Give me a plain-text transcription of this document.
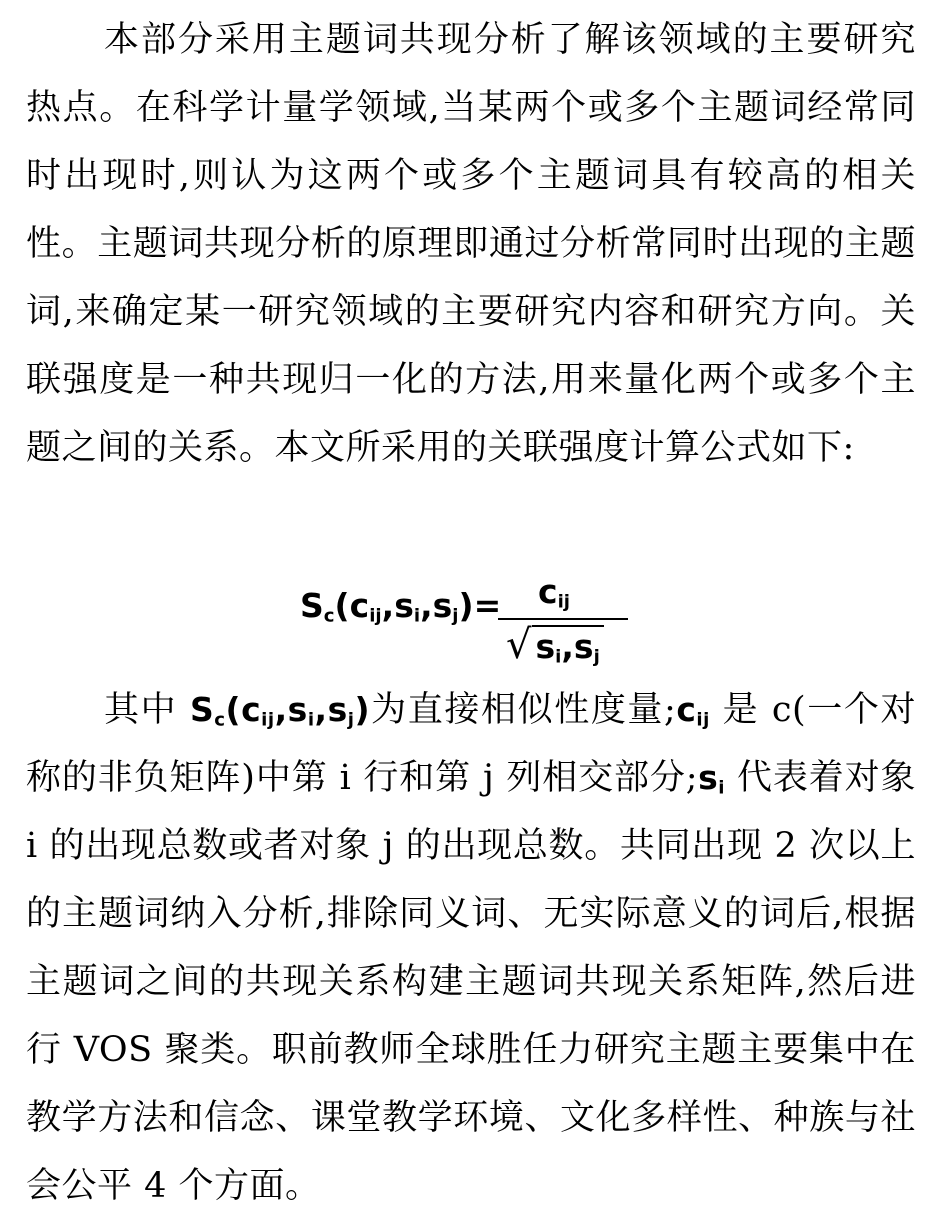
本部分采用主题词共现分析了解该领域的主要研究热点。在科学计量学领域,当某两个或多个主题词经常同时出现时,则认为这两个或多个主题词具有较高的相关性。主题词共现分析的原理即通过分析常同时出现的主题词,来确定某一研究领域的主要研究内容和研究方向。关联强度是一种共现归一化的方法,用来量化两个或多个主题之间的关系。本文所采用的关联强度计算公式如下:

$S_c(c_{ij},s_i,s_j)= c_{ij}$
√ $s_i,s_j$

其中 $S_c(c_{ij},s_i,s_j)$为直接相似性度量$;c_{ij}$ 是 c(一个对称的非负矩阵)中第 i 行和第 j 列相交部分$;s_i$ 代表着对象 i 的出现总数或者对象 j 的出现总数。共同出现 2 次以上的主题词纳入分析,排除同义词、无实际意义的词后,根据主题词之间的共现关系构建主题词共现关系矩阵,然后进行 VOS 聚类。职前教师全球胜任力研究主题主要集中在教学方法和信念、课堂教学环境、文化多样性、种族与社会公平 4 个方面。
